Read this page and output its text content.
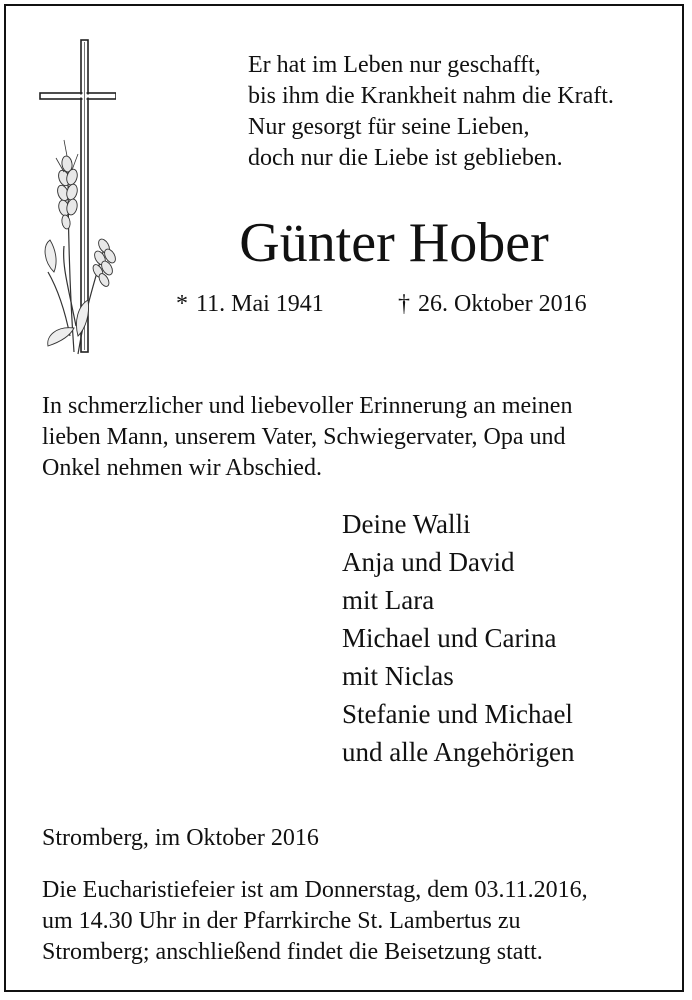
Er hat im Leben nur geschafft,
bis ihm die Krankheit nahm die Kraft.
Nur gesorgt für seine Lieben,
doch nur die Liebe ist geblieben.
Günter Hober
* 11. Mai 1941	† 26. Oktober 2016
In schmerzlicher und liebevoller Erinnerung an meinen
lieben Mann, unserem Vater, Schwiegervater, Opa und
Onkel nehmen wir Abschied.
Deine Walli
Anja und David
mit Lara
Michael und Carina
mit Niclas
Stefanie und Michael
und alle Angehörigen
Stromberg, im Oktober 2016
Die Eucharistiefeier ist am Donnerstag, dem 03.11.2016,
um 14.30 Uhr in der Pfarrkirche St. Lambertus zu
Stromberg; anschließend findet die Beisetzung statt.
